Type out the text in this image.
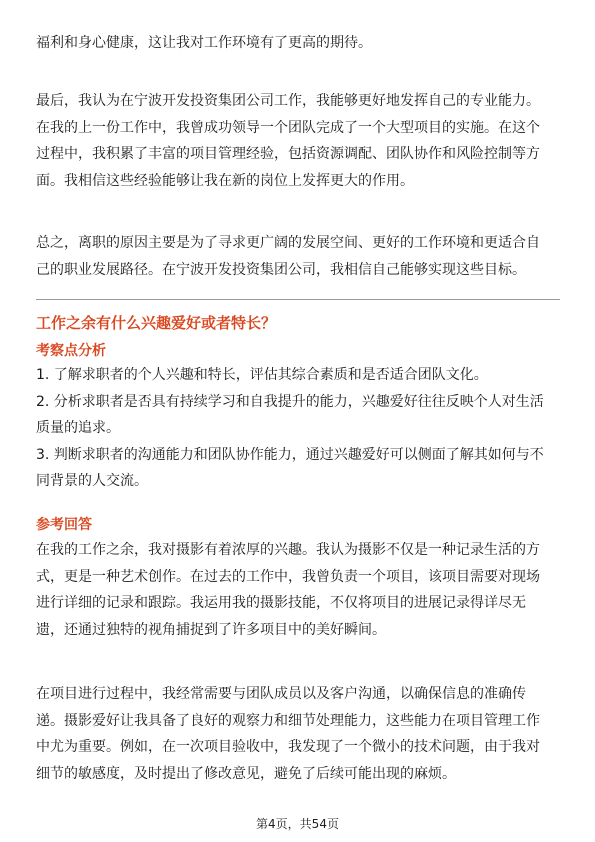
福利和身心健康，这让我对工作环境有了更高的期待。

最后，我认为在宁波开发投资集团公司工作，我能够更好地发挥自己的专业能力。
在我的上一份工作中，我曾成功领导一个团队完成了一个大型项目的实施。在这个
过程中，我积累了丰富的项目管理经验，包括资源调配、团队协作和风险控制等方
面。我相信这些经验能够让我在新的岗位上发挥更大的作用。

总之，离职的原因主要是为了寻求更广阔的发展空间、更好的工作环境和更适合自
己的职业发展路径。在宁波开发投资集团公司，我相信自己能够实现这些目标。

工作之余有什么兴趣爱好或者特长？
考察点分析

1. 了解求职者的个人兴趣和特长，评估其综合素质和是否适合团队文化。
2. 分析求职者是否具有持续学习和自我提升的能力，兴趣爱好往往反映个人对生活
质量的追求。
3. 判断求职者的沟通能力和团队协作能力，通过兴趣爱好可以侧面了解其如何与不
同背景的人交流。

参考回答

在我的工作之余，我对摄影有着浓厚的兴趣。我认为摄影不仅是一种记录生活的方
式，更是一种艺术创作。在过去的工作中，我曾负责一个项目，该项目需要对现场
进行详细的记录和跟踪。我运用我的摄影技能，不仅将项目的进展记录得详尽无
遗，还通过独特的视角捕捉到了许多项目中的美好瞬间。

在项目进行过程中，我经常需要与团队成员以及客户沟通，以确保信息的准确传
递。摄影爱好让我具备了良好的观察力和细节处理能力，这些能力在项目管理工作
中尤为重要。例如，在一次项目验收中，我发现了一个微小的技术问题，由于我对
细节的敏感度，及时提出了修改意见，避免了后续可能出现的麻烦。

第4页，共54页
